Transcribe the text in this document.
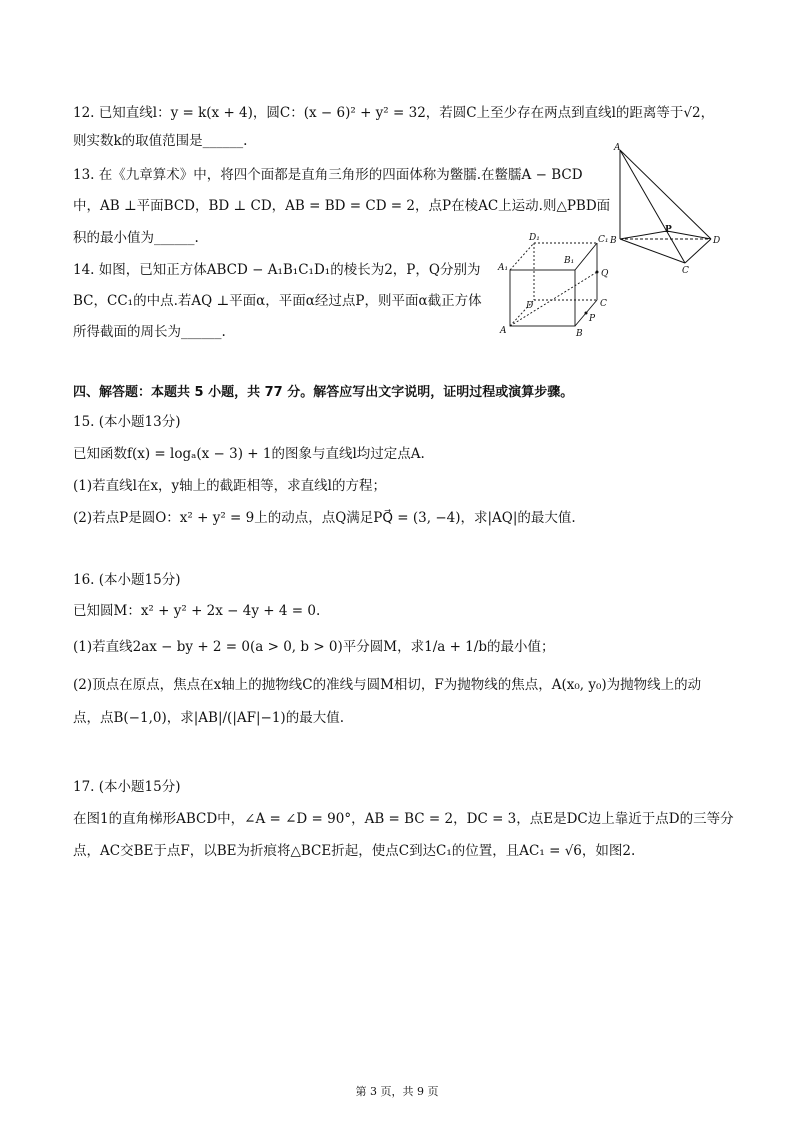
12. 已知直线l：y = k(x + 4)，圆C：(x − 6)² + y² = 32，若圆C上至少存在两点到直线l的距离等于√2，
则实数k的取值范围是______.
13. 在《九章算术》中，将四个面都是直角三角形的四面体称为鳖臑.在鳖臑A − BCD
中，AB ⊥平面BCD，BD ⊥ CD，AB = BD = CD = 2，点P在棱AC上运动.则△PBD面
积的最小值为______.
14. 如图，已知正方体ABCD − A₁B₁C₁D₁的棱长为2，P，Q分别为
BC，CC₁的中点.若AQ ⊥平面α，平面α经过点P，则平面α截正方体
所得截面的周长为______.
A
B
C
D
P
D₁	C₁
A₁
B₁
Q
D	C
P
A	B
四、解答题：本题共 5 小题，共 77 分。解答应写出文字说明，证明过程或演算步骤。
15. (本小题13分)
已知函数f(x) = logₐ(x − 3) + 1的图象与直线l均过定点A.
(1)若直线l在x，y轴上的截距相等，求直线l的方程；
(2)若点P是圆O：x² + y² = 9上的动点，点Q满足PQ⃗ = (3, −4)，求|AQ|的最大值.
16. (本小题15分)
已知圆M：x² + y² + 2x − 4y + 4 = 0.
(1)若直线2ax − by + 2 = 0(a > 0, b > 0)平分圆M，求1/a + 1/b的最小值；
(2)顶点在原点，焦点在x轴上的抛物线C的准线与圆M相切，F为抛物线的焦点，A(x₀, y₀)为抛物线上的动
点，点B(−1,0)，求|AB|/(|AF|−1)的最大值.
17. (本小题15分)
在图1的直角梯形ABCD中，∠A = ∠D = 90°，AB = BC = 2，DC = 3，点E是DC边上靠近于点D的三等分
点，AC交BE于点F，以BE为折痕将△BCE折起，使点C到达C₁的位置，且AC₁ = √6，如图2.
第 3 页，共 9 页
